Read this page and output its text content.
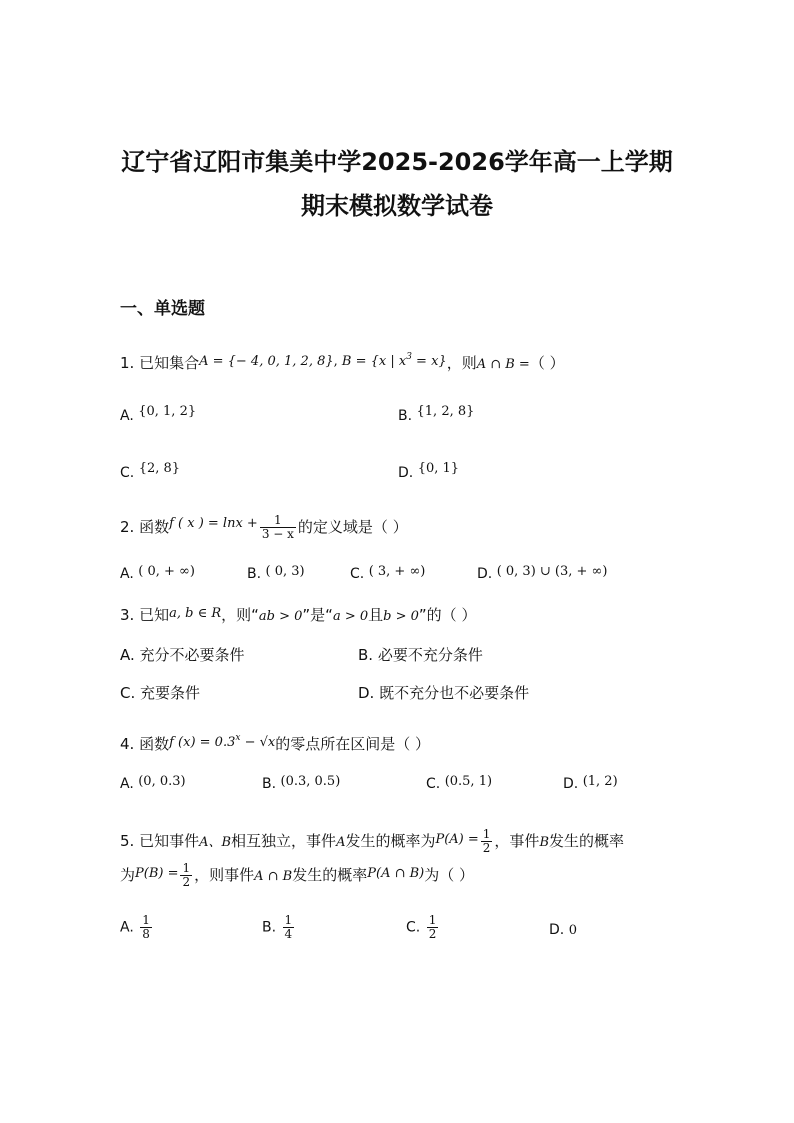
辽宁省辽阳市集美中学2025-2026学年高一上学期
期末模拟数学试卷
一、单选题
1. 已知集合A = {− 4, 0, 1, 2, 8}, B = {x | $x^3 = x$}，则A ∩ B =（ ）
A. {0, 1, 2}	B. {1, 2, 8}
C. {2, 8}	D. {0, 1}
2. 函数f ( x ) = $\ln x + \frac{1}{3 - x}$ 的定义域是（ ）
A. ( 0, + ∞)	B. ( 0, 3)	C. ( 3, + ∞)	D. ( 0, 3) ∪ (3, + ∞)
3. 已知a, b ∈ R，则“ab > 0”是“a > 0且b > 0”的（ ）
A. 充分不必要条件	B. 必要不充分条件
C. 充要条件	D. 既不充分也不必要条件
4. 函数f $(x) = 0.3^x - √x$的零点所在区间是（ ）
A. (0, 0.3)	B. (0.3, 0.5)	C. (0.5, 1)	D. (1, 2)
5. 已知事件A、B相互独立，事件A发生的概率为$P(A) = \frac{1}{2}$ ，事件B发生的概率
为$P(B) = \frac{1}{2}$ ，则事件A ∩ B发生的概率P(A ∩ B)为（ ）
A. $\frac{1}{8}$	B. $\frac{1}{4}$	C. $\frac{1}{2}$	D. 0
